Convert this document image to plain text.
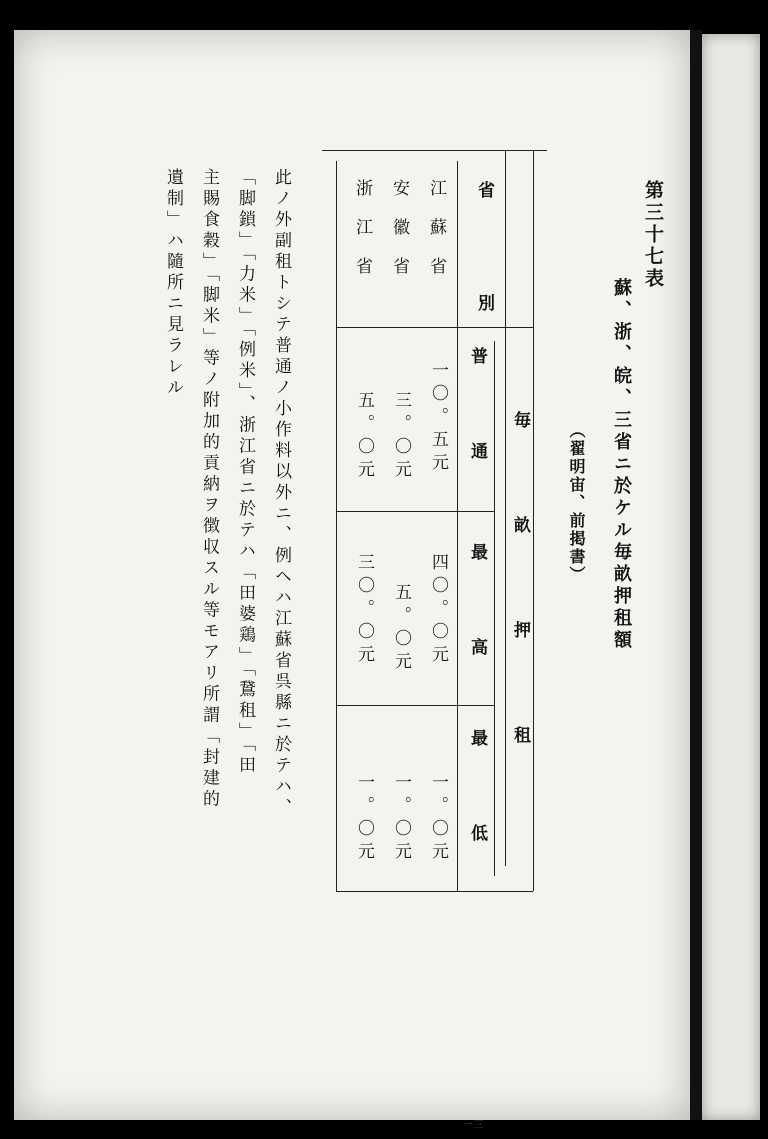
第三十七表
蘇、浙、皖、三省ニ於ケル毎畝押租額
（翟明宙、前掲書）
省別
毎畝押租
普通
最高
最低
江蘇省
一〇。五元
四〇。〇元
一。〇元
安徽省
三。〇元
五。〇元
一。〇元
浙江省
五。〇元
三〇。〇元
一。〇元
此ノ外副租トシテ普通ノ小作料以外ニ、例ヘハ江蘇省呉縣ニ於テハ、
「脚鎖」「力米」「例米」、浙江省ニ於テハ「田婆鶏」「鵞租」「田
主賜食穀」「脚米」等ノ附加的貢納ヲ徴収スル等モアリ所謂「封建的
遺制」ハ隨所ニ見ラレル
一三
